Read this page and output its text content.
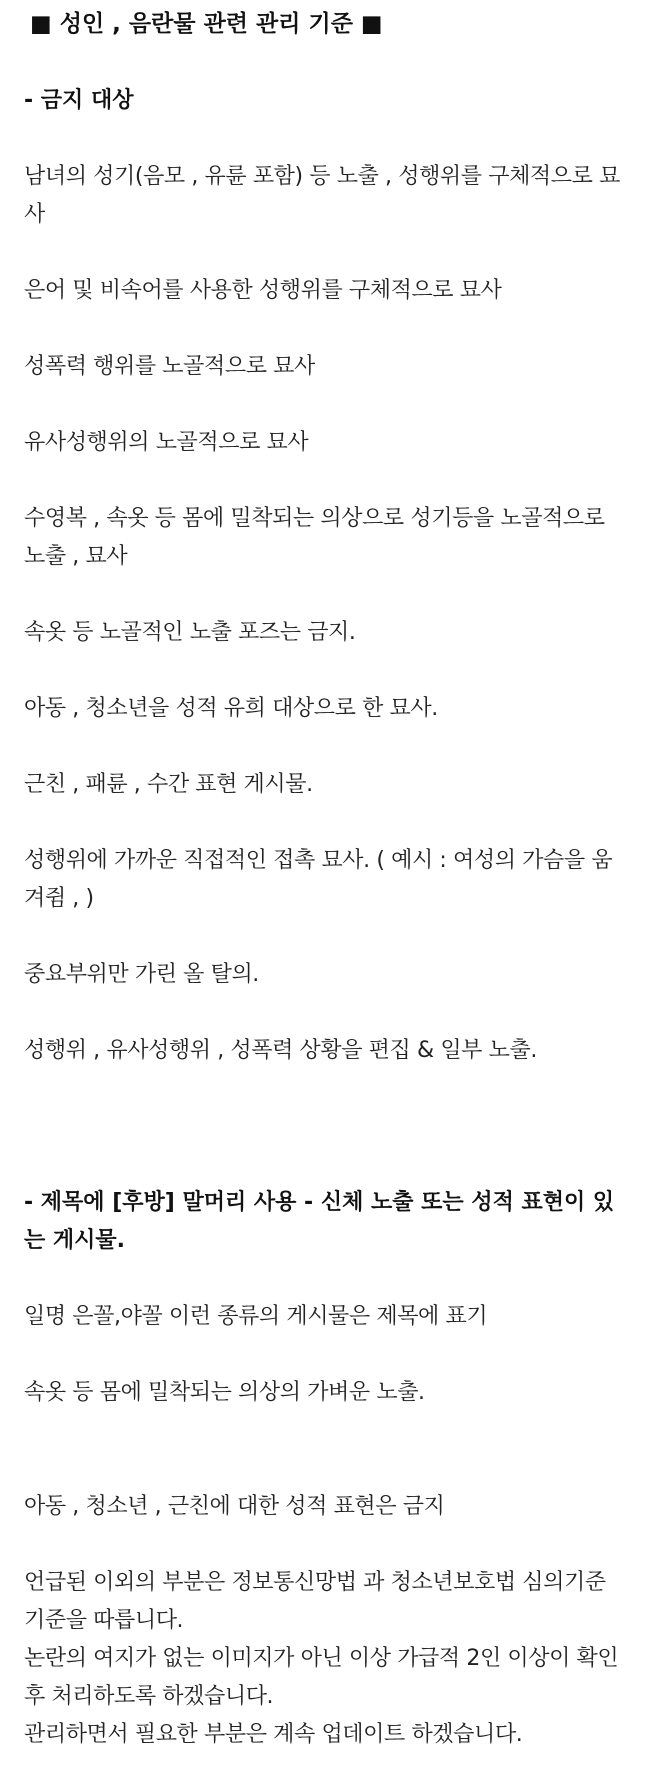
■ 성인 , 음란물 관련 관리 기준 ■

- 금지 대상

남녀의 성기(음모 , 유륜 포함) 등 노출 , 성행위를 구체적으로 묘사

은어 및 비속어를 사용한 성행위를 구체적으로 묘사

성폭력 행위를 노골적으로 묘사

유사성행위의 노골적으로 묘사

수영복 , 속옷 등 몸에 밀착되는 의상으로 성기등을 노골적으로 노출 , 묘사

속옷 등 노골적인 노출 포즈는 금지.

아동 , 청소년을 성적 유희 대상으로 한 묘사.

근친 , 패륜 , 수간 표현 게시물.

성행위에 가까운 직접적인 접촉 묘사. ( 예시 : 여성의 가슴을 움겨쥠 , )

중요부위만 가린 올 탈의.

성행위 , 유사성행위 , 성폭력 상황을 편집 & 일부 노출.

- 제목에 [후방] 말머리 사용 - 신체 노출 또는 성적 표현이 있는 게시물.

일명 은꼴,야꼴 이런 종류의 게시물은 제목에 표기

속옷 등 몸에 밀착되는 의상의 가벼운 노출.

아동 , 청소년 , 근친에 대한 성적 표현은 금지

언급된 이외의 부분은 정보통신망법 과 청소년보호법 심의기준 기준을 따릅니다.

논란의 여지가 없는 이미지가 아닌 이상 가급적 2인 이상이 확인 후 처리하도록 하겠습니다.

관리하면서 필요한 부분은 계속 업데이트 하겠습니다.
